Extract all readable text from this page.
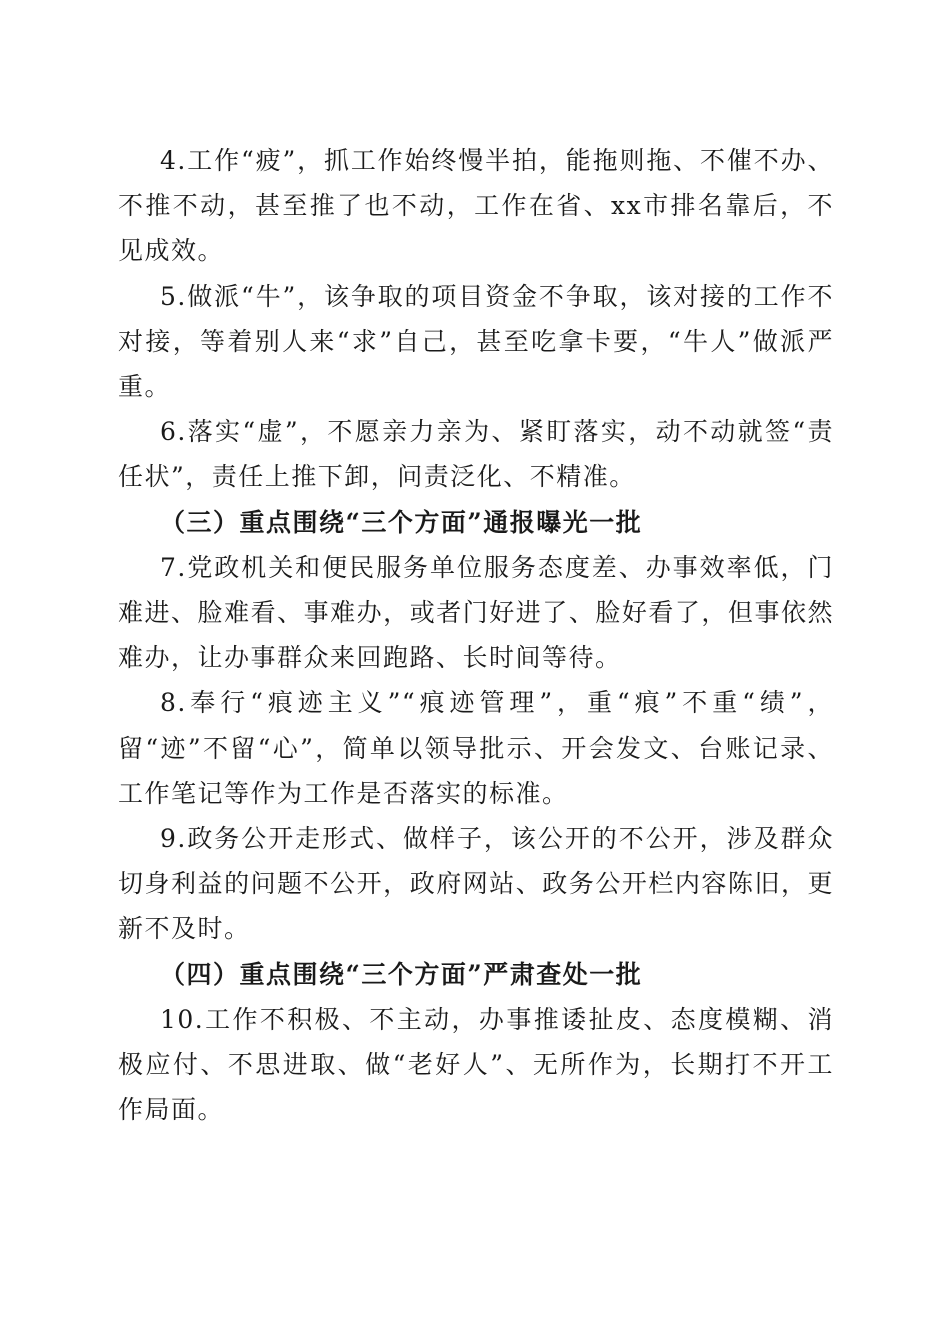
4.工作“疲”，抓工作始终慢半拍，能拖则拖、不催不办、不推不动，甚至推了也不动，工作在省、xx市排名靠后，不见成效。

5.做派“牛”，该争取的项目资金不争取，该对接的工作不对接，等着别人来“求”自己，甚至吃拿卡要，“牛人”做派严重。

6.落实“虚”，不愿亲力亲为、紧盯落实，动不动就签“责任状”，责任上推下卸，问责泛化、不精准。

（三）重点围绕“三个方面”通报曝光一批

7.党政机关和便民服务单位服务态度差、办事效率低，门难进、脸难看、事难办，或者门好进了、脸好看了，但事依然难办，让办事群众来回跑路、长时间等待。

8.奉行“痕迹主义”“痕迹管理”，重“痕”不重“绩”，留“迹”不留“心”，简单以领导批示、开会发文、台账记录、工作笔记等作为工作是否落实的标准。

9.政务公开走形式、做样子，该公开的不公开，涉及群众切身利益的问题不公开，政府网站、政务公开栏内容陈旧，更新不及时。

（四）重点围绕“三个方面”严肃查处一批

10.工作不积极、不主动，办事推诿扯皮、态度模糊、消极应付、不思进取、做“老好人”、无所作为，长期打不开工作局面。
